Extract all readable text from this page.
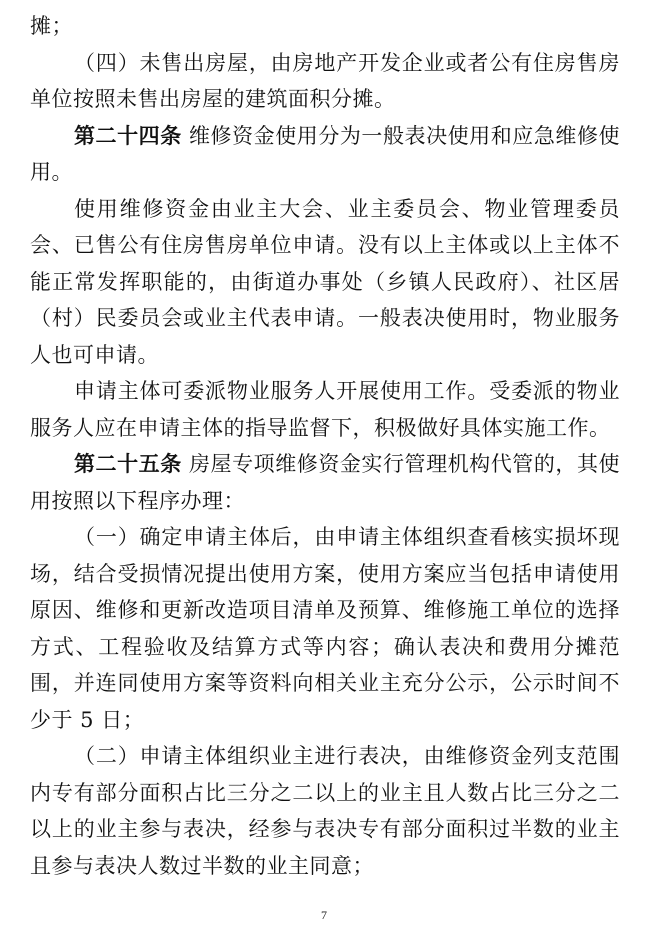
摊；

（四）未售出房屋，由房地产开发企业或者公有住房售房单位按照未售出房屋的建筑面积分摊。

第二十四条 维修资金使用分为一般表决使用和应急维修使用。

使用维修资金由业主大会、业主委员会、物业管理委员会、已售公有住房售房单位申请。没有以上主体或以上主体不能正常发挥职能的，由街道办事处（乡镇人民政府）、社区居（村）民委员会或业主代表申请。一般表决使用时，物业服务人也可申请。

申请主体可委派物业服务人开展使用工作。受委派的物业服务人应在申请主体的指导监督下，积极做好具体实施工作。

第二十五条 房屋专项维修资金实行管理机构代管的，其使用按照以下程序办理：

（一）确定申请主体后，由申请主体组织查看核实损坏现场，结合受损情况提出使用方案，使用方案应当包括申请使用原因、维修和更新改造项目清单及预算、维修施工单位的选择方式、工程验收及结算方式等内容；确认表决和费用分摊范围，并连同使用方案等资料向相关业主充分公示，公示时间不少于 5 日；

（二）申请主体组织业主进行表决，由维修资金列支范围内专有部分面积占比三分之二以上的业主且人数占比三分之二以上的业主参与表决，经参与表决专有部分面积过半数的业主且参与表决人数过半数的业主同意；

7
